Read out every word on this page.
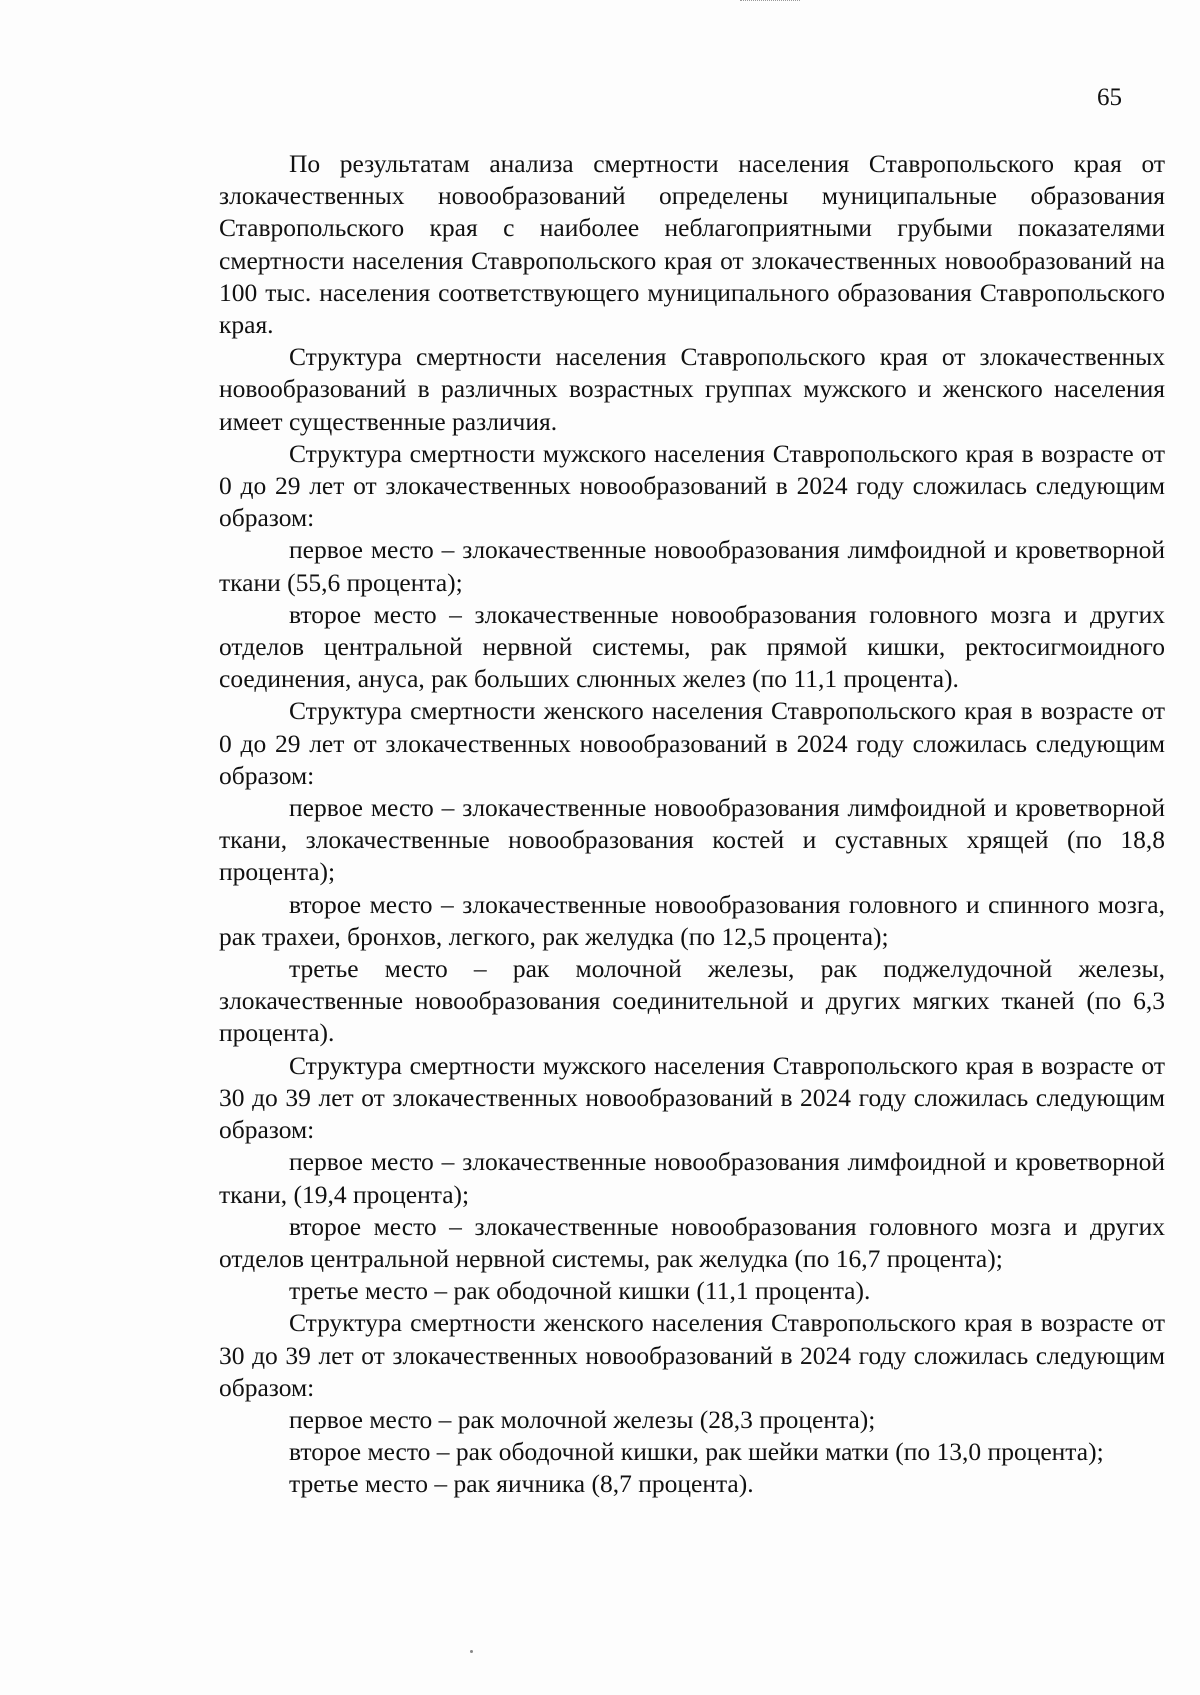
65

По результатам анализа смертности населения Ставропольского края от злокачественных новообразований определены муниципальные образования Ставропольского края с наиболее неблагоприятными грубыми показателями смертности населения Ставропольского края от злокачественных новообразований на 100 тыс. населения соответствующего муниципального образования Ставропольского края.

Структура смертности населения Ставропольского края от злокачественных новообразований в различных возрастных группах мужского и женского населения имеет существенные различия.

Структура смертности мужского населения Ставропольского края в возрасте от 0 до 29 лет от злокачественных новообразований в 2024 году сложилась следующим образом:

первое место – злокачественные новообразования лимфоидной и кроветворной ткани (55,6 процента);

второе место – злокачественные новообразования головного мозга и других отделов центральной нервной системы, рак прямой кишки, ректосигмоидного соединения, ануса, рак больших слюнных желез (по 11,1 процента).

Структура смертности женского населения Ставропольского края в возрасте от 0 до 29 лет от злокачественных новообразований в 2024 году сложилась следующим образом:

первое место – злокачественные новообразования лимфоидной и кроветворной ткани, злокачественные новообразования костей и суставных хрящей (по 18,8 процента);

второе место – злокачественные новообразования головного и спинного мозга, рак трахеи, бронхов, легкого, рак желудка (по 12,5 процента);

третье место – рак молочной железы, рак поджелудочной железы, злокачественные новообразования соединительной и других мягких тканей (по 6,3 процента).

Структура смертности мужского населения Ставропольского края в возрасте от 30 до 39 лет от злокачественных новообразований в 2024 году сложилась следующим образом:

первое место – злокачественные новообразования лимфоидной и кроветворной ткани, (19,4 процента);

второе место – злокачественные новообразования головного мозга и других отделов центральной нервной системы, рак желудка (по 16,7 процента);

третье место – рак ободочной кишки (11,1 процента).

Структура смертности женского населения Ставропольского края в возрасте от 30 до 39 лет от злокачественных новообразований в 2024 году сложилась следующим образом:

первое место – рак молочной железы (28,3 процента);

второе место – рак ободочной кишки, рак шейки матки (по 13,0 процента);

третье место – рак яичника (8,7 процента).
